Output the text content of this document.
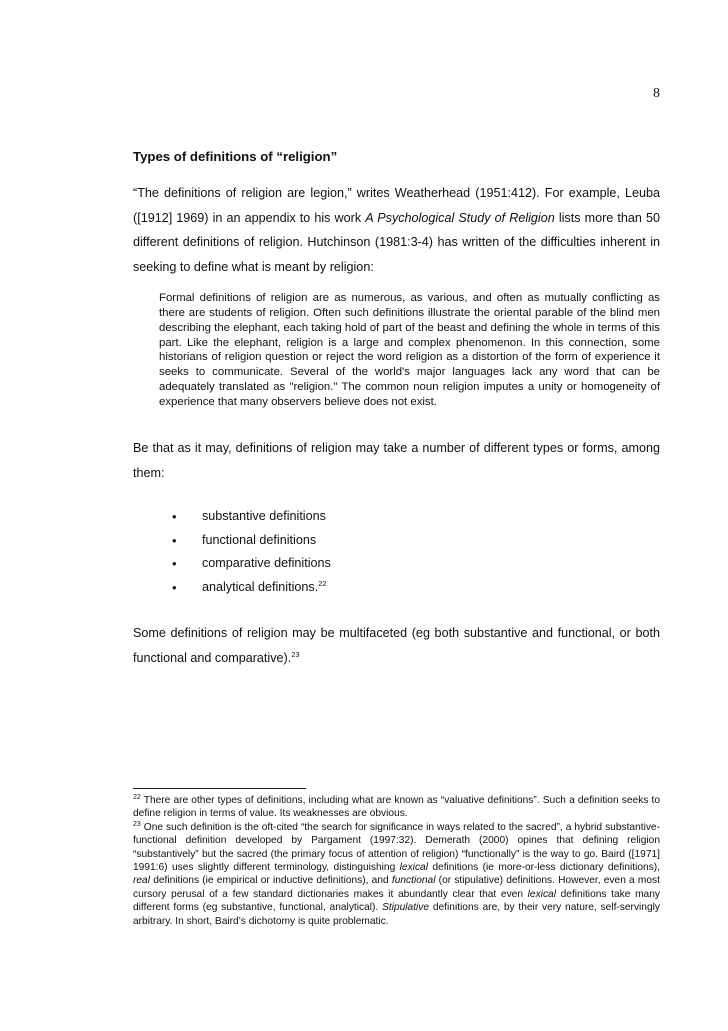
8
Types of definitions of “religion”
“The definitions of religion are legion,” writes Weatherhead (1951:412). For example, Leuba ([1912] 1969) in an appendix to his work A Psychological Study of Religion lists more than 50 different definitions of religion. Hutchinson (1981:3-4) has written of the difficulties inherent in seeking to define what is meant by religion:
Formal definitions of religion are as numerous, as various, and often as mutually conflicting as there are students of religion. Often such definitions illustrate the oriental parable of the blind men describing the elephant, each taking hold of part of the beast and defining the whole in terms of this part. Like the elephant, religion is a large and complex phenomenon. In this connection, some historians of religion question or reject the word religion as a distortion of the form of experience it seeks to communicate. Several of the world's major languages lack any word that can be adequately translated as "religion." The common noun religion imputes a unity or homogeneity of experience that many observers believe does not exist.
Be that as it may, definitions of religion may take a number of different types or forms, among them:
• substantive definitions
• functional definitions
• comparative definitions
• analytical definitions.$^{22}$
Some definitions of religion may be multifaceted (eg both substantive and functional, or both functional and comparative).$^{23}$

$^{22}$ There are other types of definitions, including what are known as “valuative definitions”. Such a definition seeks to define religion in terms of value. Its weaknesses are obvious.

$^{23}$ One such definition is the oft-cited “the search for significance in ways related to the sacred”, a hybrid substantive-functional definition developed by Pargament (1997:32). Demerath (2000) opines that defining religion “substantively” but the sacred (the primary focus of attention of religion) “functionally” is the way to go. Baird ([1971] 1991:6) uses slightly different terminology, distinguishing lexical definitions (ie more-or-less dictionary definitions), real definitions (ie empirical or inductive definitions), and functional (or stipulative) definitions. However, even a most cursory perusal of a few standard dictionaries makes it abundantly clear that even lexical definitions take many different forms (eg substantive, functional, analytical). Stipulative definitions are, by their very nature, self-servingly arbitrary. In short, Baird’s dichotomy is quite problematic.
